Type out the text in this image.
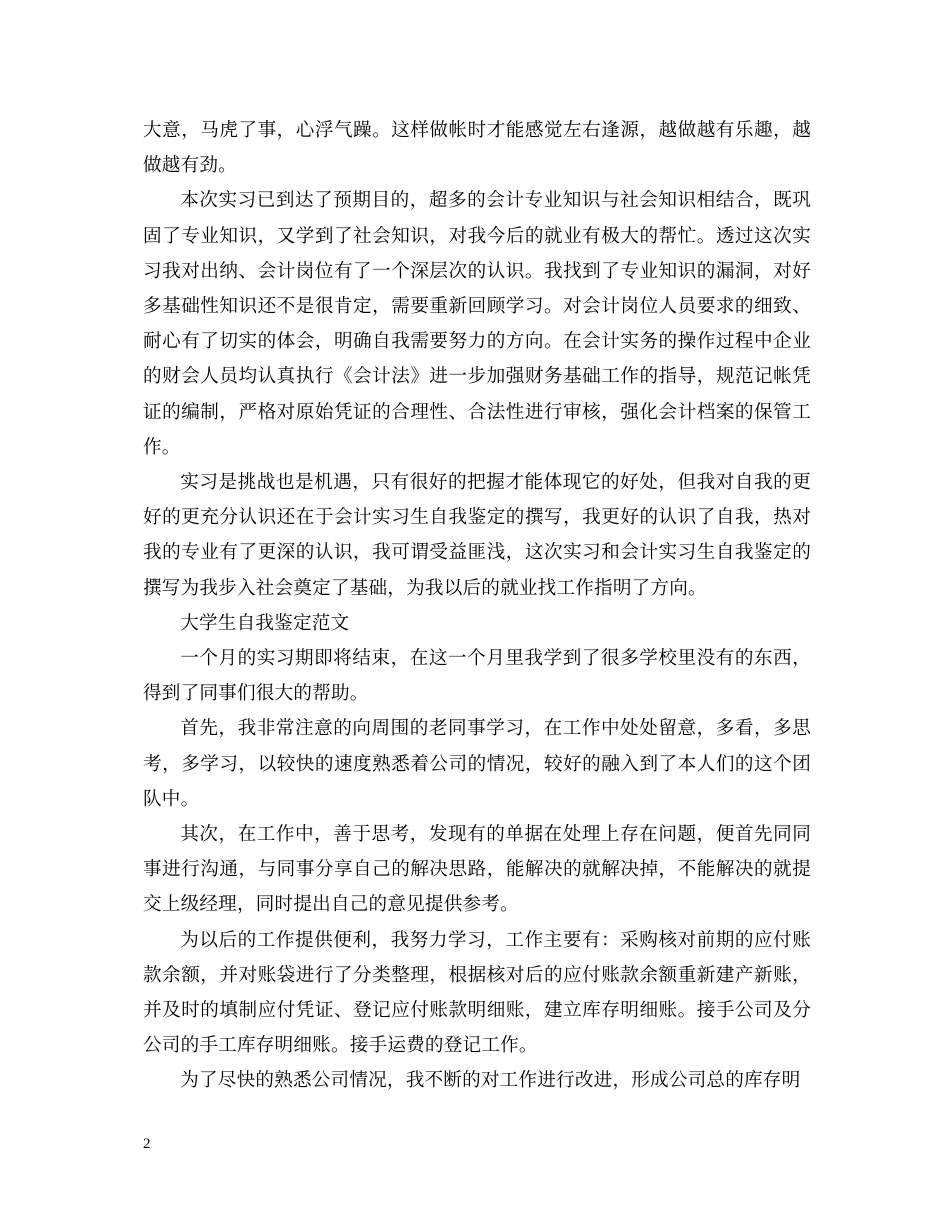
大意，马虎了事，心浮气躁。这样做帐时才能感觉左右逢源，越做越有乐趣，越做越有劲。

本次实习已到达了预期目的，超多的会计专业知识与社会知识相结合，既巩固了专业知识，又学到了社会知识，对我今后的就业有极大的帮忙。透过这次实习我对出纳、会计岗位有了一个深层次的认识。我找到了专业知识的漏洞，对好多基础性知识还不是很肯定，需要重新回顾学习。对会计岗位人员要求的细致、耐心有了切实的体会，明确自我需要努力的方向。在会计实务的操作过程中企业的财会人员均认真执行《会计法》进一步加强财务基础工作的指导，规范记帐凭证的编制，严格对原始凭证的合理性、合法性进行审核，强化会计档案的保管工作。

实习是挑战也是机遇，只有很好的把握才能体现它的好处，但我对自我的更好的更充分认识还在于会计实习生自我鉴定的撰写，我更好的认识了自我，热对我的专业有了更深的认识，我可谓受益匪浅，这次实习和会计实习生自我鉴定的撰写为我步入社会奠定了基础，为我以后的就业找工作指明了方向。

大学生自我鉴定范文

一个月的实习期即将结束，在这一个月里我学到了很多学校里没有的东西，得到了同事们很大的帮助。

首先，我非常注意的向周围的老同事学习，在工作中处处留意，多看，多思考，多学习，以较快的速度熟悉着公司的情况，较好的融入到了本人们的这个团队中。

其次，在工作中，善于思考，发现有的单据在处理上存在问题，便首先同同事进行沟通，与同事分享自己的解决思路，能解决的就解决掉，不能解决的就提交上级经理，同时提出自己的意见提供参考。

为以后的工作提供便利，我努力学习，工作主要有：采购核对前期的应付账款余额，并对账袋进行了分类整理，根据核对后的应付账款余额重新建产新账，并及时的填制应付凭证、登记应付账款明细账，建立库存明细账。接手公司及分公司的手工库存明细账。接手运费的登记工作。

为了尽快的熟悉公司情况，我不断的对工作进行改进，形成公司总的库存明

2
